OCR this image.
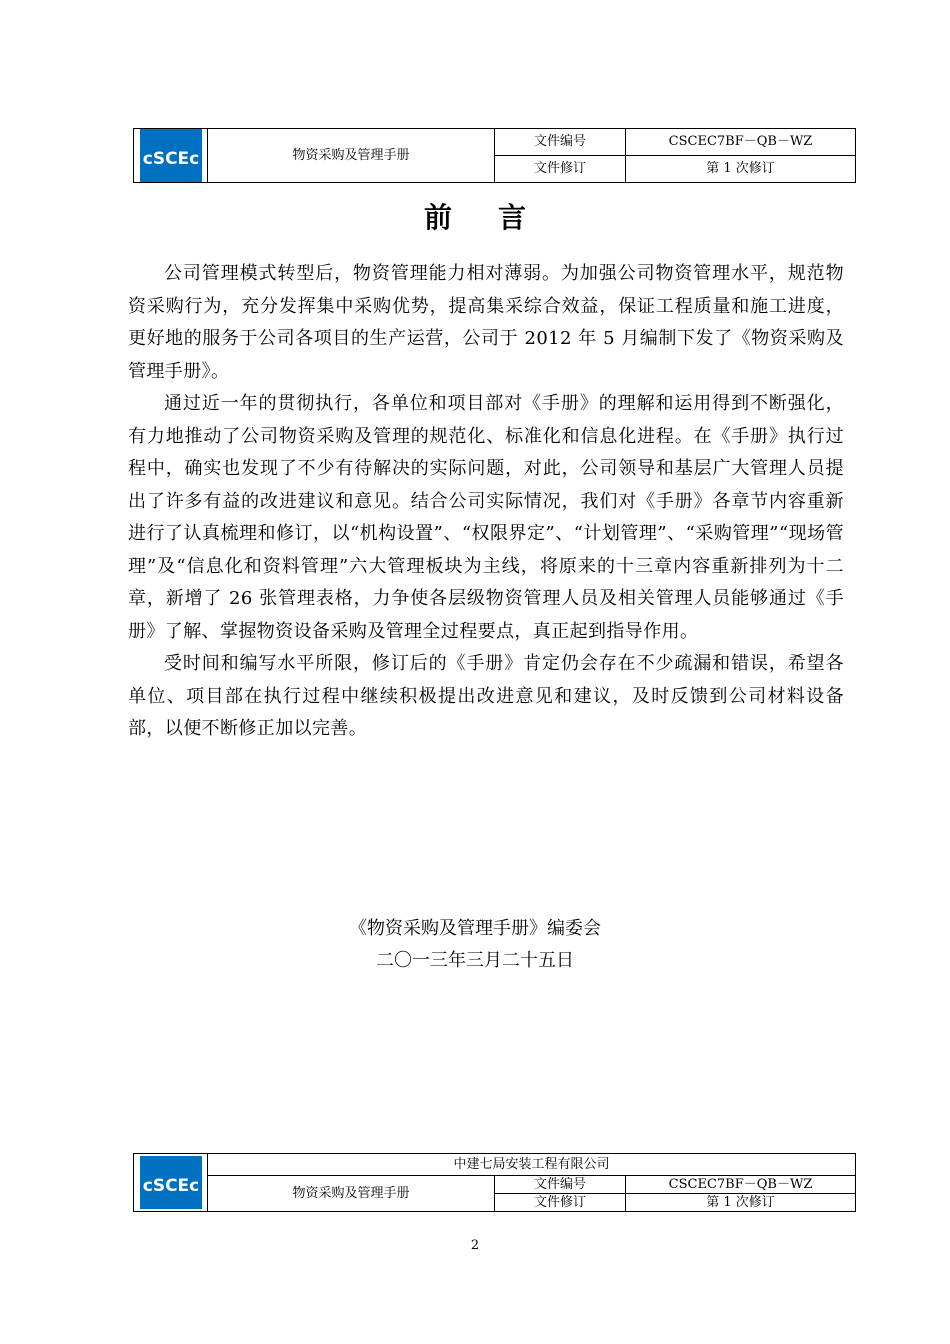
cSCEc	物资采购及管理手册	文件编号	CSCEC7BF－QB－WZ
		文件修订	第 1 次修订
前言

公司管理模式转型后，物资管理能力相对薄弱。为加强公司物资管理水平，规范物资采购行为，充分发挥集中采购优势，提高集采综合效益，保证工程质量和施工进度，更好地的服务于公司各项目的生产运营，公司于 2012 年 5 月编制下发了《物资采购及管理手册》。

通过近一年的贯彻执行，各单位和项目部对《手册》的理解和运用得到不断强化，有力地推动了公司物资采购及管理的规范化、标准化和信息化进程。在《手册》执行过程中，确实也发现了不少有待解决的实际问题，对此，公司领导和基层广大管理人员提出了许多有益的改进建议和意见。结合公司实际情况，我们对《手册》各章节内容重新进行了认真梳理和修订，以“机构设置”、“权限界定”、“计划管理”、“采购管理”“现场管理”及“信息化和资料管理”六大管理板块为主线，将原来的十三章内容重新排列为十二章，新增了 26 张管理表格，力争使各层级物资管理人员及相关管理人员能够通过《手册》了解、掌握物资设备采购及管理全过程要点，真正起到指导作用。

受时间和编写水平所限，修订后的《手册》肯定仍会存在不少疏漏和错误，希望各单位、项目部在执行过程中继续积极提出改进意见和建议，及时反馈到公司材料设备部，以便不断修正加以完善。

《物资采购及管理手册》编委会
二〇一三年三月二十五日
cSCEc	中建七局安装工程有限公司		
	物资采购及管理手册	文件编号	CSCEC7BF－QB－WZ
		文件修订	第 1 次修订
2
